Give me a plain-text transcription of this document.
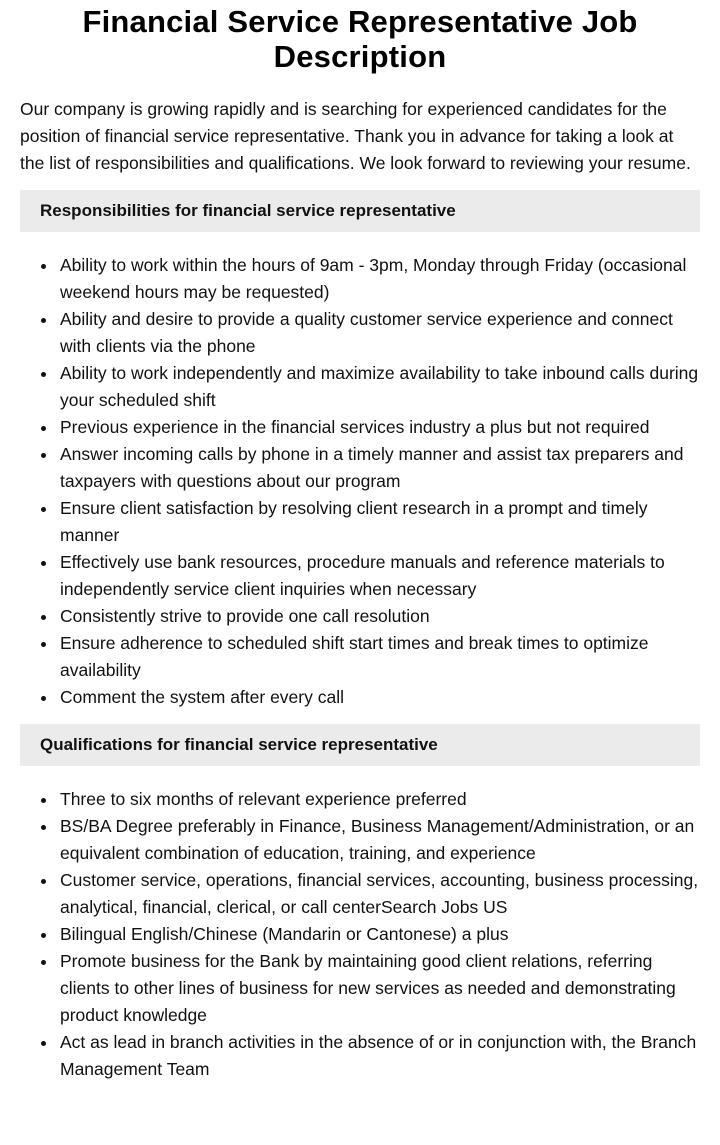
Financial Service Representative Job Description

Our company is growing rapidly and is searching for experienced candidates for the position of financial service representative. Thank you in advance for taking a look at the list of responsibilities and qualifications. We look forward to reviewing your resume.

Responsibilities for financial service representative
Ability to work within the hours of 9am - 3pm, Monday through Friday (occasional weekend hours may be requested)
Ability and desire to provide a quality customer service experience and connect with clients via the phone
Ability to work independently and maximize availability to take inbound calls during your scheduled shift
Previous experience in the financial services industry a plus but not required
Answer incoming calls by phone in a timely manner and assist tax preparers and taxpayers with questions about our program
Ensure client satisfaction by resolving client research in a prompt and timely manner
Effectively use bank resources, procedure manuals and reference materials to independently service client inquiries when necessary
Consistently strive to provide one call resolution
Ensure adherence to scheduled shift start times and break times to optimize availability
Comment the system after every call
Qualifications for financial service representative
Three to six months of relevant experience preferred
BS/BA Degree preferably in Finance, Business Management/Administration, or an equivalent combination of education, training, and experience
Customer service, operations, financial services, accounting, business processing, analytical, financial, clerical, or call centerSearch Jobs US
Bilingual English/Chinese (Mandarin or Cantonese) a plus
Promote business for the Bank by maintaining good client relations, referring clients to other lines of business for new services as needed and demonstrating product knowledge
Act as lead in branch activities in the absence of or in conjunction with, the Branch Management Team
